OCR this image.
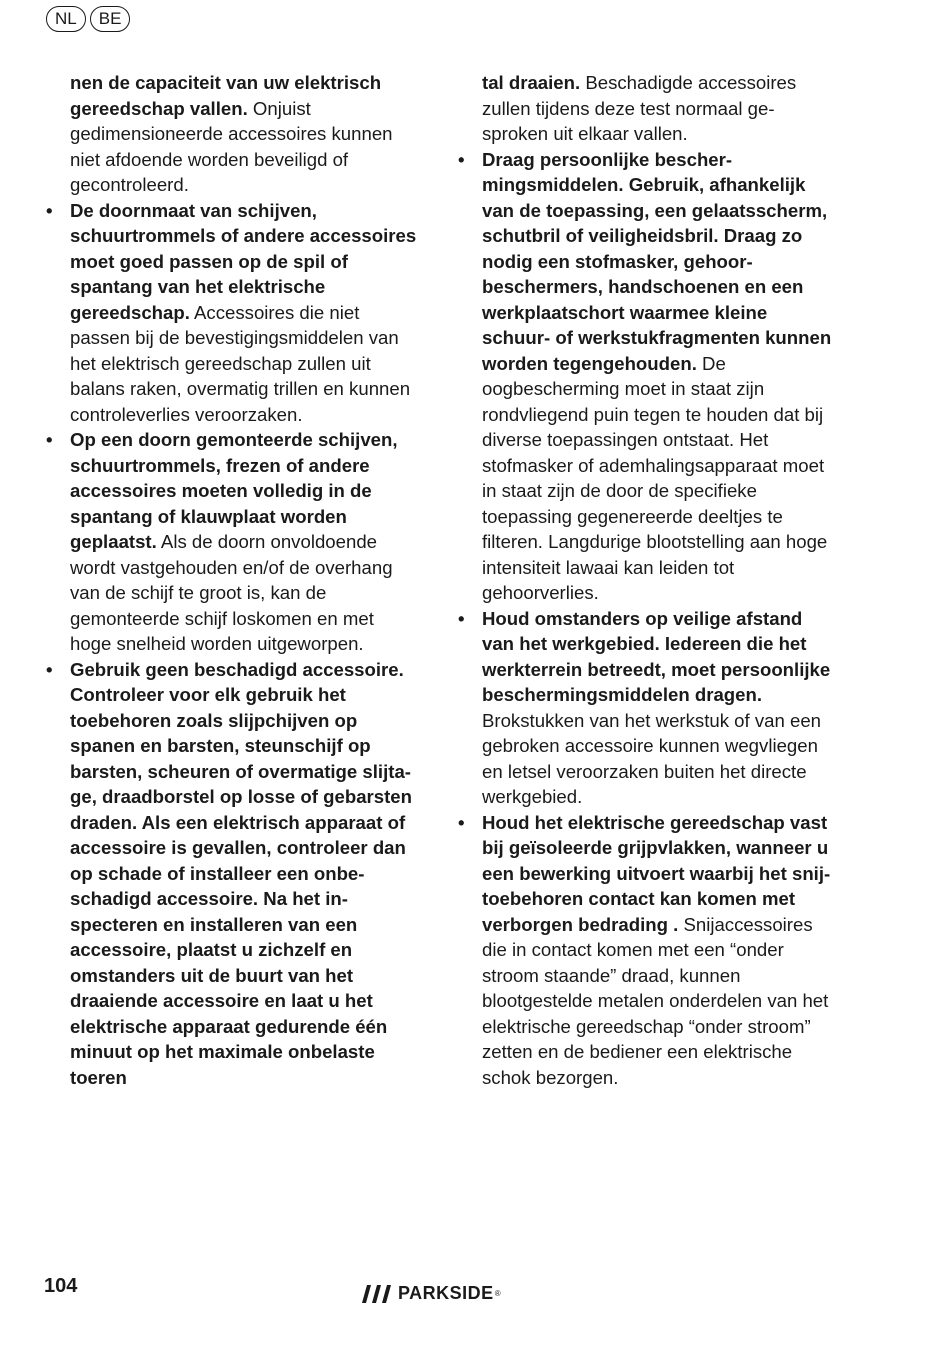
NL	BE

nen de capaciteit van uw elektrisch gereedschap vallen. Onjuist gedimensioneerde accessoires kunnen niet afdoende worden beveiligd of gecontroleerd.

• De doornmaat van schijven, schuurtrommels of andere accessoires moet goed passen op de spil of spantang van het elektrische gereedschap. Accessoires die niet passen bij de bevestigingsmiddelen van het elektrisch gereedschap zullen uit balans raken, overmatig trillen en kunnen controleverlies veroorzaken.

• Op een doorn gemonteerde schijven, schuurtrommels, frezen of andere accessoires moeten volledig in de spantang of klauwplaat worden geplaatst. Als de doorn onvoldoende wordt vastgehouden en/of de overhang van de schijf te groot is, kan de gemonteerde schijf loskomen en met hoge snelheid worden uitgeworpen.

• Gebruik geen beschadigd accessoire. Controleer voor elk gebruik het toebehoren zoals slijpchijven op spanen en barsten, steunschijf op barsten, scheuren of overmatige slijtage, draadborstel op losse of gebarsten draden. Als een elektrisch apparaat of accessoire is gevallen, controleer dan op schade of installeer een onbeschadigd accessoire. Na het inspecteren en installeren van een accessoire, plaatst u zichzelf en omstanders uit de buurt van het draaiende accessoire en laat u het elektrische apparaat gedurende één minuut op het maximale onbelaste toeren

tal draaien. Beschadigde accessoires zullen tijdens deze test normaal gesproken uit elkaar vallen.

• Draag persoonlijke beschermingsmiddelen. Gebruik, afhankelijk van de toepassing, een gelaatsscherm, schutbril of veiligheidsbril. Draag zo nodig een stofmasker, gehoorbeschermers, handschoenen en een werkplaatschort waarmee kleine schuur- of werkstukfragmenten kunnen worden tegengehouden. De oogbescherming moet in staat zijn rondvliegend puin tegen te houden dat bij diverse toepassingen ontstaat. Het stofmasker of ademhalingsapparaat moet in staat zijn de door de specifieke toepassing gegenereerde deeltjes te filteren. Langdurige blootstelling aan hoge intensiteit lawaai kan leiden tot gehoorverlies.

• Houd omstanders op veilige afstand van het werkgebied. Iedereen die het werkterrein betreedt, moet persoonlijke beschermingsmiddelen dragen. Brokstukken van het werkstuk of van een gebroken accessoire kunnen wegvliegen en letsel veroorzaken buiten het directe werkgebied.

• Houd het elektrische gereedschap vast bij geïsoleerde grijpvlakken, wanneer u een bewerking uitvoert waarbij het snijtoebehoren contact kan komen met verborgen bedrading . Snijaccessoires die in contact komen met een “onder stroom staande” draad, kunnen blootgestelde metalen onderdelen van het elektrische gereedschap “onder stroom” zetten en de bediener een elektrische schok bezorgen.

104	PARKSIDE ®
